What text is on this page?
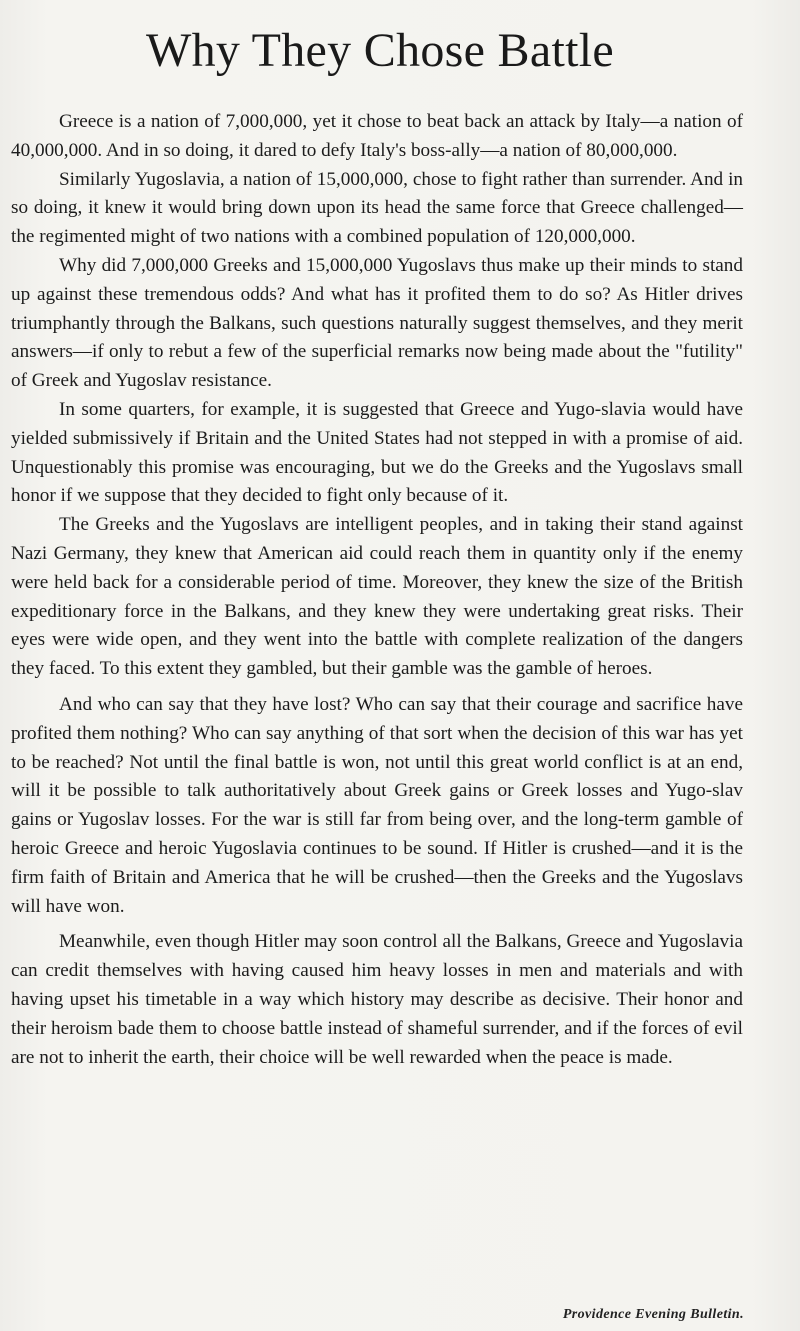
Why They Chose Battle

Greece is a nation of 7,000,000, yet it chose to beat back an attack by Italy—a nation of 40,000,000. And in so doing, it dared to defy Italy's boss-ally—a nation of 80,000,000.

Similarly Yugoslavia, a nation of 15,000,000, chose to fight rather than surrender. And in so doing, it knew it would bring down upon its head the same force that Greece challenged—the regimented might of two nations with a combined population of 120,000,000.

Why did 7,000,000 Greeks and 15,000,000 Yugoslavs thus make up their minds to stand up against these tremendous odds? And what has it profited them to do so? As Hitler drives triumphantly through the Balkans, such questions naturally suggest themselves, and they merit answers—if only to rebut a few of the superficial remarks now being made about the "futility" of Greek and Yugoslav resistance.

In some quarters, for example, it is suggested that Greece and Yugo-slavia would have yielded submissively if Britain and the United States had not stepped in with a promise of aid. Unquestionably this promise was encouraging, but we do the Greeks and the Yugoslavs small honor if we suppose that they decided to fight only because of it.

The Greeks and the Yugoslavs are intelligent peoples, and in taking their stand against Nazi Germany, they knew that American aid could reach them in quantity only if the enemy were held back for a considerable period of time. Moreover, they knew the size of the British expeditionary force in the Balkans, and they knew they were undertaking great risks. Their eyes were wide open, and they went into the battle with complete realization of the dangers they faced. To this extent they gambled, but their gamble was the gamble of heroes.

And who can say that they have lost? Who can say that their courage and sacrifice have profited them nothing? Who can say anything of that sort when the decision of this war has yet to be reached? Not until the final battle is won, not until this great world conflict is at an end, will it be possible to talk authoritatively about Greek gains or Greek losses and Yugo-slav gains or Yugoslav losses. For the war is still far from being over, and the long-term gamble of heroic Greece and heroic Yugoslavia continues to be sound. If Hitler is crushed—and it is the firm faith of Britain and America that he will be crushed—then the Greeks and the Yugoslavs will have won.

Meanwhile, even though Hitler may soon control all the Balkans, Greece and Yugoslavia can credit themselves with having caused him heavy losses in men and materials and with having upset his timetable in a way which history may describe as decisive. Their honor and their heroism bade them to choose battle instead of shameful surrender, and if the forces of evil are not to inherit the earth, their choice will be well rewarded when the peace is made.

Providence Evening Bulletin.
